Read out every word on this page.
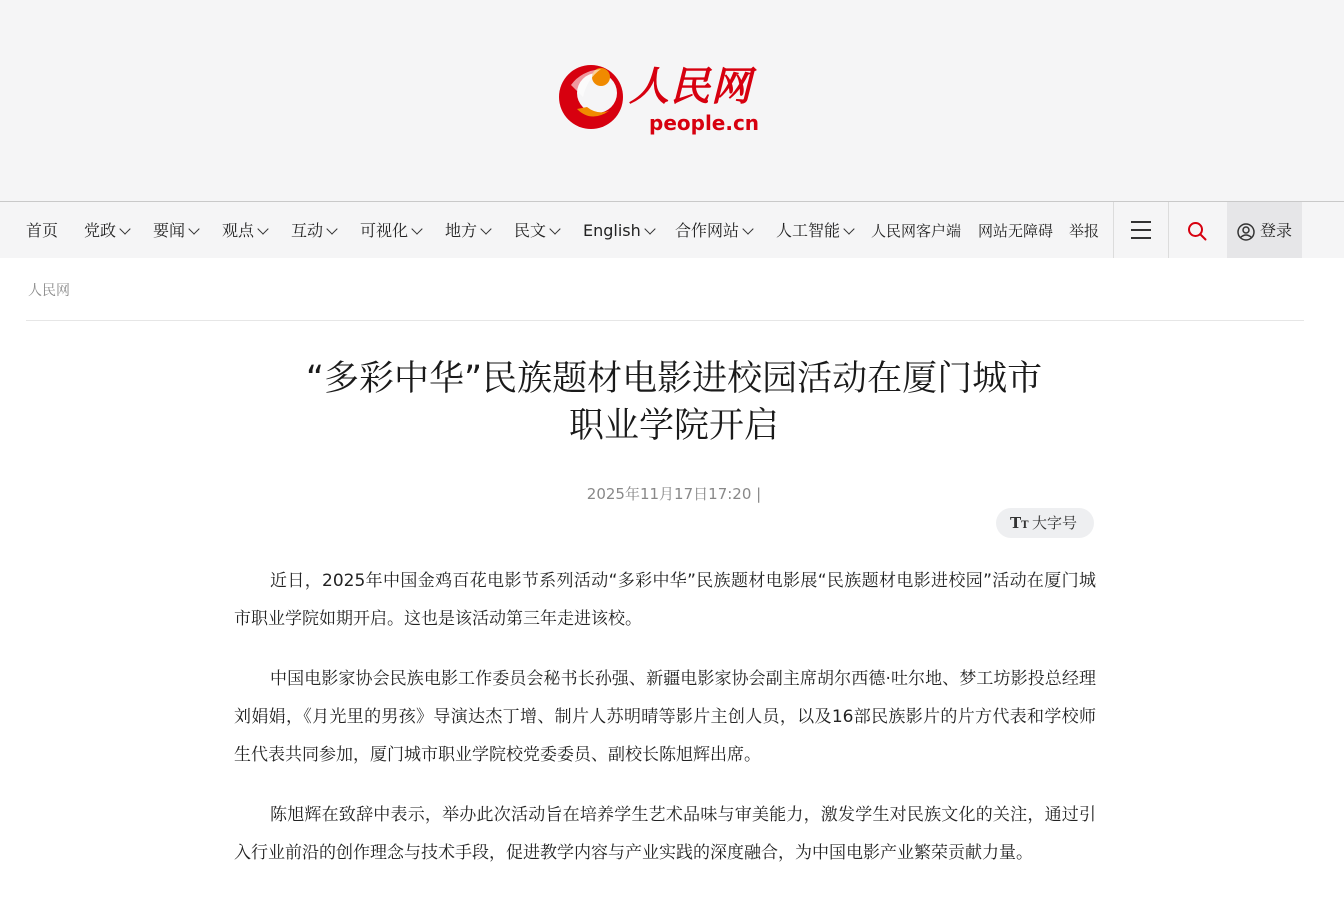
人民网
people.cn
首页 党政	要闻	观点	互动	可视化	地方	民文	English	合作网站	人工智能	人民网客户端 网站无障碍 举报	登录
人民网
“多彩中华”民族题材电影进校园活动在厦门城市
职业学院开启
2025年11月17日17:20 |
TT 大字号

近日，2025年中国金鸡百花电影节系列活动“多彩中华”民族题材电影展“民族题材电影进校园”活动在厦门城市职业学院如期开启。这也是该活动第三年走进该校。

中国电影家协会民族电影工作委员会秘书长孙强、新疆电影家协会副主席胡尔西德·吐尔地、梦工坊影投总经理刘娟娟，《月光里的男孩》导演达杰丁增、制片人苏明晴等影片主创人员，以及16部民族影片的片方代表和学校师生代表共同参加，厦门城市职业学院校党委委员、副校长陈旭辉出席。

陈旭辉在致辞中表示，举办此次活动旨在培养学生艺术品味与审美能力，激发学生对民族文化的关注，通过引入行业前沿的创作理念与技术手段，促进教学内容与产业实践的深度融合，为中国电影产业繁荣贡献力量。
